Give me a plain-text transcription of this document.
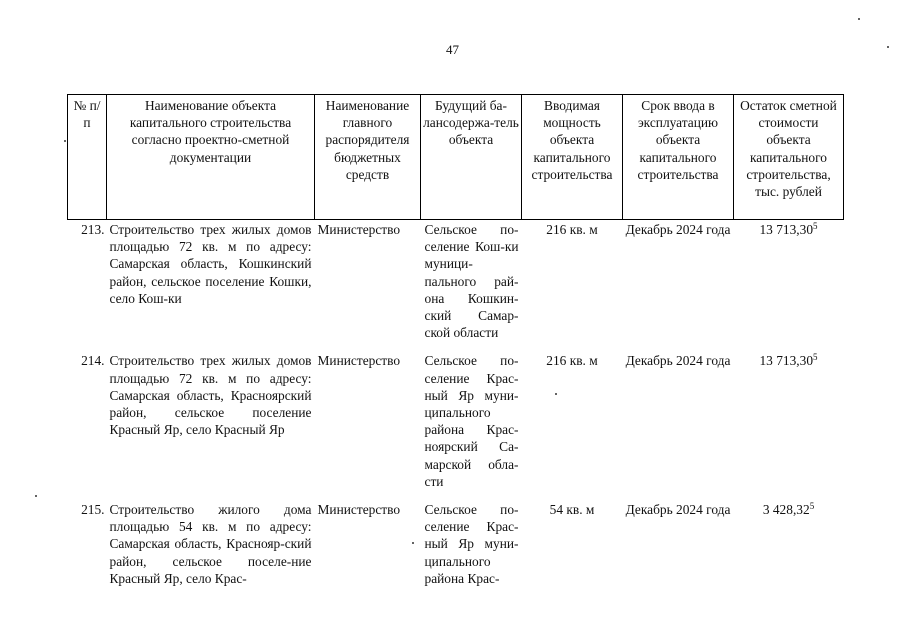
47
№ п/п	Наименование объекта капитального строительства согласно проектно-сметной документации	Наименование главного распорядителя бюджетных средств	Будущий ба-лансодержа-тель объекта	Вводимая мощность объекта капитального строительства	Срок ввода в эксплуатацию объекта капитального строительства	Остаток сметной стоимости объекта капитального строительства, тыс. рублей
213.	Строительство трех жилых домов площадью 72 кв. м по адресу: Самарская область, Кошкинский район, сельское поселение Кошки, село Кош-ки	Министерство	Сельское по-селение Кош-ки муници-пального рай-она Кошкин-ский Самар-ской области	216 кв. м	Декабрь 2024 года	13 713,30$^5$
214.	Строительство трех жилых домов площадью 72 кв. м по адресу: Самарская область, Красноярский район, сельское поселение Красный Яр, село Красный Яр	Министерство	Сельское по-селение Крас-ный Яр муни-ципального района Крас-ноярский Са-марской обла-сти	216 кв. м	Декабрь 2024 года	13 713,30$^5$
215.	Строительство жилого дома площадью 54 кв. м по адресу: Самарская область, Краснояр-ский район, сельское поселе-ние Красный Яр, село Крас-	Министерство	Сельское по-селение Крас-ный Яр муни-ципального района Крас-	54 кв. м	Декабрь 2024 года	3 428,32$^5$
